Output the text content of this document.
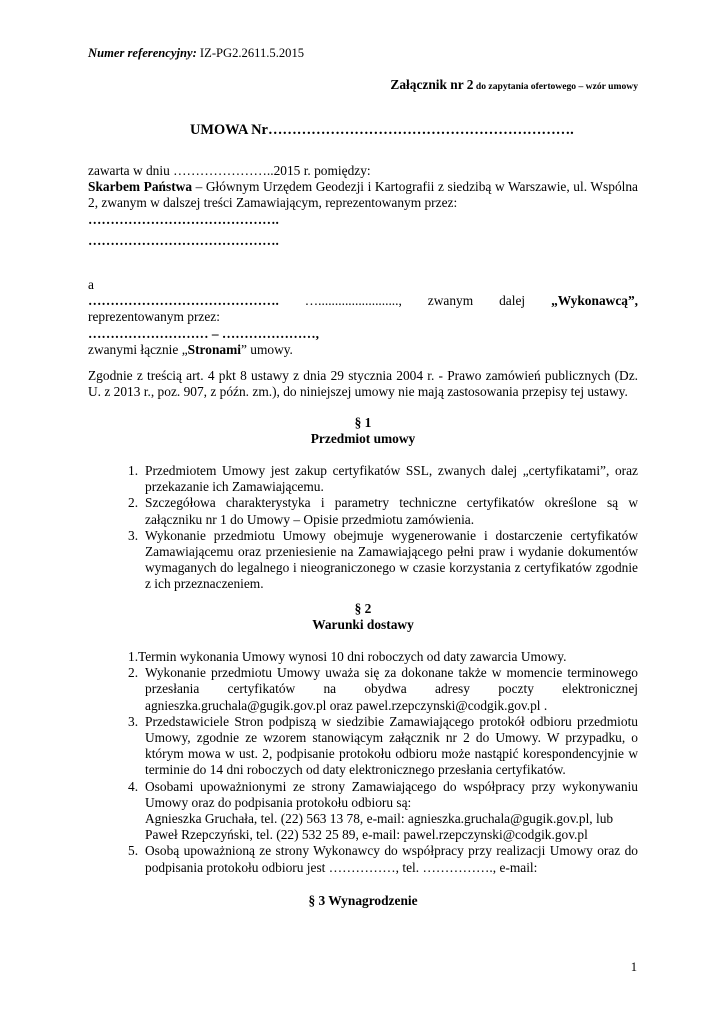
Numer referencyjny: IZ-PG2.2611.5.2015
Załącznik nr 2 do zapytania ofertowego – wzór umowy
UMOWA Nr……………………………………………………….
zawarta w dniu …………………..2015 r. pomiędzy:
Skarbem Państwa – Głównym Urzędem Geodezji i Kartografii z siedzibą w Warszawie, ul. Wspólna 2, zwanym w dalszej treści Zamawiającym, reprezentowanym przez:
…………………………………….
…………………………………….
a
……………………………………. …........................, zwanym dalej „Wykonawcą”,
reprezentowanym przez:
……………………… – …………………,
zwanymi łącznie „Stronami” umowy.
Zgodnie z treścią art. 4 pkt 8 ustawy z dnia 29 stycznia 2004 r. - Prawo zamówień publicznych (Dz. U. z 2013 r., poz. 907, z późn. zm.), do niniejszej umowy nie mają zastosowania przepisy tej ustawy.
§ 1
Przedmiot umowy
1. Przedmiotem Umowy jest zakup certyfikatów SSL, zwanych dalej „certyfikatami”, oraz przekazanie ich Zamawiającemu.
2. Szczegółowa charakterystyka i parametry techniczne certyfikatów określone są w załączniku nr 1 do Umowy – Opisie przedmiotu zamówienia.
3. Wykonanie przedmiotu Umowy obejmuje wygenerowanie i dostarczenie certyfikatów Zamawiającemu oraz przeniesienie na Zamawiającego pełni praw i wydanie dokumentów wymaganych do legalnego i nieograniczonego w czasie korzystania z certyfikatów zgodnie z ich przeznaczeniem.
§ 2
Warunki dostawy
1. Termin wykonania Umowy wynosi 10 dni roboczych od daty zawarcia Umowy.
2. Wykonanie przedmiotu Umowy uważa się za dokonane także w momencie terminowego przesłania certyfikatów na obydwa adresy poczty elektronicznej agnieszka.gruchala@gugik.gov.pl oraz pawel.rzepczynski@codgik.gov.pl .
3. Przedstawiciele Stron podpiszą w siedzibie Zamawiającego protokół odbioru przedmiotu Umowy, zgodnie ze wzorem stanowiącym załącznik nr 2 do Umowy. W przypadku, o którym mowa w ust. 2, podpisanie protokołu odbioru może nastąpić korespondencyjnie w terminie do 14 dni roboczych od daty elektronicznego przesłania certyfikatów.
4. Osobami upoważnionymi ze strony Zamawiającego do współpracy przy wykonywaniu Umowy oraz do podpisania protokołu odbioru są:
Agnieszka Gruchała, tel. (22) 563 13 78, e-mail: agnieszka.gruchala@gugik.gov.pl, lub
Paweł Rzepczyński, tel. (22) 532 25 89, e-mail: pawel.rzepczynski@codgik.gov.pl
5. Osobą upoważnioną ze strony Wykonawcy do współpracy przy realizacji Umowy oraz do podpisania protokołu odbioru jest ……………, tel. ……………., e-mail:
§ 3 Wynagrodzenie
1
